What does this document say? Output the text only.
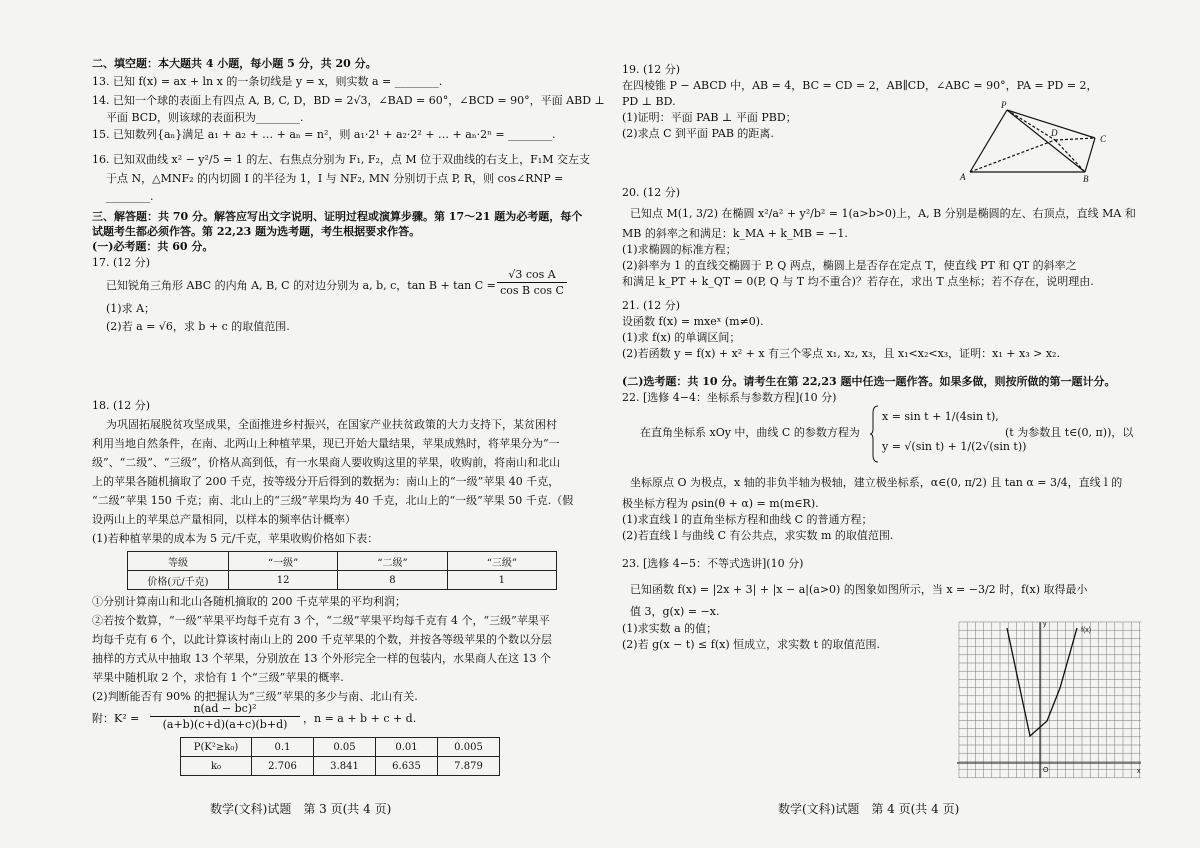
二、填空题：本大题共 4 小题，每小题 5 分，共 20 分。
13. 已知 f(x) = ax + ln x 的一条切线是 y = x，则实数 a = ________.
14. 已知一个球的表面上有四点 A, B, C, D，BD = 2√3，∠BAD = 60°，∠BCD = 90°，平面 ABD ⊥
平面 BCD，则该球的表面积为________.
15. 已知数列{aₙ}满足 a₁ + a₂ + … + aₙ = n²，则 a₁·2¹ + a₂·2² + … + aₙ·2ⁿ = ________.
16. 已知双曲线 x² − y²/5 = 1 的左、右焦点分别为 F₁, F₂，点 M 位于双曲线的右支上，F₁M 交左支
于点 N，△MNF₂ 的内切圆 I 的半径为 1，I 与 NF₂, MN 分别切于点 P, R，则 cos∠RNP =
________.
三、解答题：共 70 分。解答应写出文字说明、证明过程或演算步骤。第 17～21 题为必考题，每个
试题考生都必须作答。第 22,23 题为选考题，考生根据要求作答。
(一)必考题：共 60 分。
17. (12 分)
已知锐角三角形 ABC 的内角 A, B, C 的对边分别为 a, b, c，tan B + tan C =
√3 cos A
cos B cos C
(1)求 A；
(2)若 a = √6，求 b + c 的取值范围.
18. (12 分)
为巩固拓展脱贫攻坚成果，全面推进乡村振兴，在国家产业扶贫政策的大力支持下，某贫困村
利用当地自然条件，在南、北两山上种植苹果，现已开始大量结果，苹果成熟时，将苹果分为“一
级”、“二级”、“三级”，价格从高到低，有一水果商人要收购这里的苹果，收购前，将南山和北山
上的苹果各随机摘取了 200 千克，按等级分开后得到的数据为：南山上的“一级”苹果 40 千克，
“二级”苹果 150 千克；南、北山上的“三级”苹果均为 40 千克，北山上的“一级”苹果 50 千克.（假
设两山上的苹果总产量相同，以样本的频率估计概率）
(1)若种植苹果的成本为 5 元/千克，苹果收购价格如下表：
等级	“一级”	“二级”	“三级”
价格(元/千克)	12	8	1
①分别计算南山和北山各随机摘取的 200 千克苹果的平均利润；
②若按个数算，“一级”苹果平均每千克有 3 个，“二级”苹果平均每千克有 4 个，“三级”苹果平
均每千克有 6 个，以此计算该村南山上的 200 千克苹果的个数，并按各等级苹果的个数以分层
抽样的方式从中抽取 13 个苹果，分别放在 13 个外形完全一样的包装内，水果商人在这 13 个
苹果中随机取 2 个，求恰有 1 个“三级”苹果的概率.
(2)判断能否有 90% 的把握认为“三级”苹果的多少与南、北山有关.
附：K² =
n(ad − bc)²
(a+b)(c+d)(a+c)(b+d)	，n = a + b + c + d.
P(K²≥k₀)	0.1	0.05	0.01	0.005
k₀	2.706	3.841	6.635	7.879
数学(文科)试题　第 3 页(共 4 页)
19. (12 分)
在四棱锥 P − ABCD 中，AB = 4，BC = CD = 2，AB∥CD，∠ABC = 90°，PA = PD = 2，
PD ⊥ BD.
(1)证明：平面 PAB ⊥ 平面 PBD；
(2)求点 C 到平面 PAB 的距离.
P
D
C
A	B
20. (12 分)
已知点 M(1, 3/2) 在椭圆 x²/a² + y²/b² = 1(a>b>0)上，A, B 分别是椭圆的左、右顶点，直线 MA 和
MB 的斜率之和满足：k_MA + k_MB = −1.
(1)求椭圆的标准方程；
(2)斜率为 1 的直线交椭圆于 P, Q 两点，椭圆上是否存在定点 T，使直线 PT 和 QT 的斜率之
和满足 k_PT + k_QT = 0(P, Q 与 T 均不重合)？若存在，求出 T 点坐标；若不存在，说明理由.
21. (12 分)
设函数 f(x) = mxeˣ (m≠0).
(1)求 f(x) 的单调区间；
(2)若函数 y = f(x) + x² + x 有三个零点 x₁, x₂, x₃，且 x₁<x₂<x₃，证明：x₁ + x₃ > x₂.
(二)选考题：共 10 分。请考生在第 22,23 题中任选一题作答。如果多做，则按所做的第一题计分。
22. [选修 4−4：坐标系与参数方程](10 分)
x = sin t + 1/(4sin t),
y = √(sin t) + 1/(2√(sin t))
在直角坐标系 xOy 中，曲线 C 的参数方程为	(t 为参数且 t∈(0, π))，以
坐标原点 O 为极点，x 轴的非负半轴为极轴，建立极坐标系，α∈(0, π/2) 且 tan α = 3/4，直线 l 的
极坐标方程为 ρsin(θ + α) = m(m∈R).
(1)求直线 l 的直角坐标方程和曲线 C 的普通方程；
(2)若直线 l 与曲线 C 有公共点，求实数 m 的取值范围.
23. [选修 4−5：不等式选讲](10 分)
已知函数 f(x) = |2x + 3| + |x − a|(a>0) 的图象如图所示，当 x = −3/2 时，f(x) 取得最小
值 3，g(x) = −x.
(1)求实数 a 的值；
(2)若 g(x − t) ≤ f(x) 恒成立，求实数 t 的取值范围.
f(x)
y
x
O
数学(文科)试题　第 4 页(共 4 页)
